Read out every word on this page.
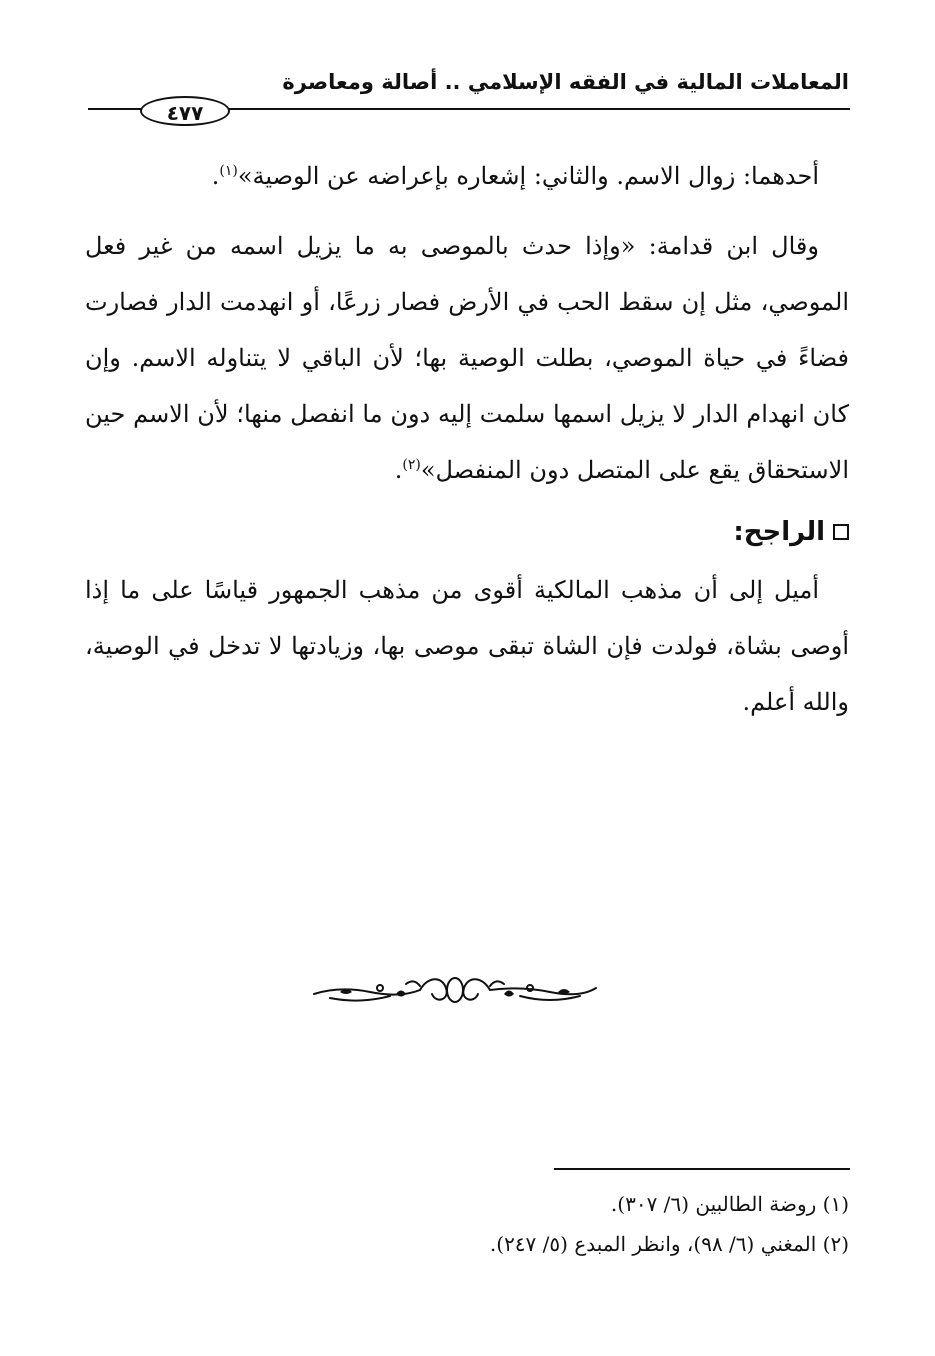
المعاملات المالية في الفقه الإسلامي .. أصالة ومعاصرة
٤٧٧

أحدهما: زوال الاسم. والثاني: إشعاره بإعراضه عن الوصية»$^{(١)}$.

وقال ابن قدامة: «وإذا حدث بالموصى به ما يزيل اسمه من غير فعل الموصي، مثل إن سقط الحب في الأرض فصار زرعًا، أو انهدمت الدار فصارت فضاءً في حياة الموصي، بطلت الوصية بها؛ لأن الباقي لا يتناوله الاسم. وإن كان انهدام الدار لا يزيل اسمها سلمت إليه دون ما انفصل منها؛ لأن الاسم حين الاستحقاق يقع على المتصل دون المنفصل»$^{(٢)}$.

الراجح:

أميل إلى أن مذهب المالكية أقوى من مذهب الجمهور قياسًا على ما إذا أوصى بشاة، فولدت فإن الشاة تبقى موصى بها، وزيادتها لا تدخل في الوصية، والله أعلم.

(١) روضة الطالبين (٦/ ٣٠٧).

(٢) المغني (٦/ ٩٨)، وانظر المبدع (٥/ ٢٤٧).
